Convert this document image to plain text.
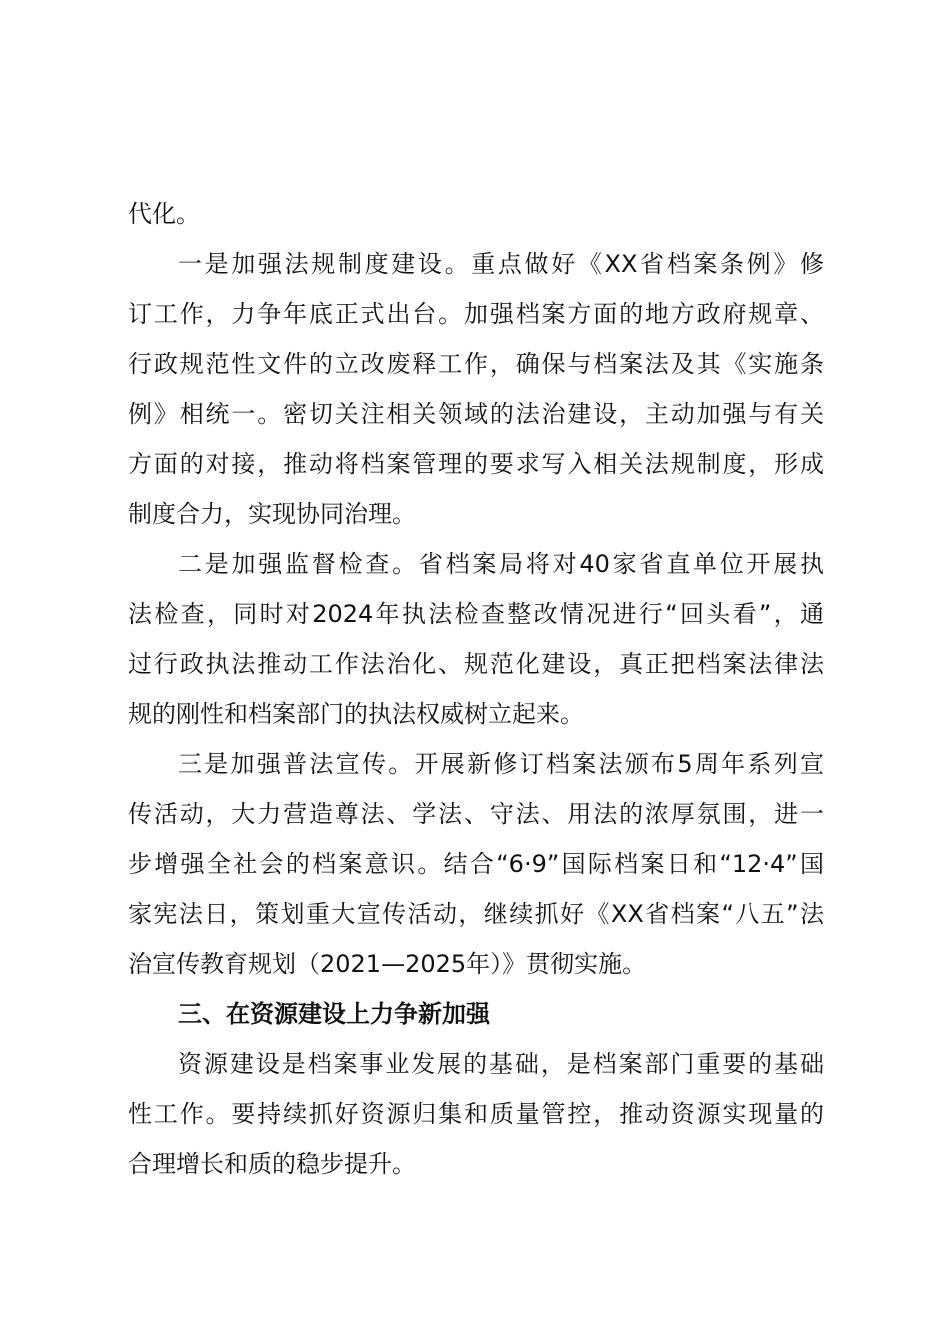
代化。
一是加强法规制度建设。重点做好《XX省档案条例》修
订工作，力争年底正式出台。加强档案方面的地方政府规章、
行政规范性文件的立改废释工作，确保与档案法及其《实施条
例》相统一。密切关注相关领域的法治建设，主动加强与有关
方面的对接，推动将档案管理的要求写入相关法规制度，形成
制度合力，实现协同治理。
二是加强监督检查。省档案局将对40家省直单位开展执
法检查，同时对2024年执法检查整改情况进行“回头看”，通
过行政执法推动工作法治化、规范化建设，真正把档案法律法
规的刚性和档案部门的执法权威树立起来。
三是加强普法宣传。开展新修订档案法颁布5周年系列宣
传活动，大力营造尊法、学法、守法、用法的浓厚氛围，进一
步增强全社会的档案意识。结合“6·9”国际档案日和“12·4”国
家宪法日，策划重大宣传活动，继续抓好《XX省档案“八五”法
治宣传教育规划（2021—2025年）》贯彻实施。
三、在资源建设上力争新加强
资源建设是档案事业发展的基础，是档案部门重要的基础
性工作。要持续抓好资源归集和质量管控，推动资源实现量的
合理增长和质的稳步提升。
